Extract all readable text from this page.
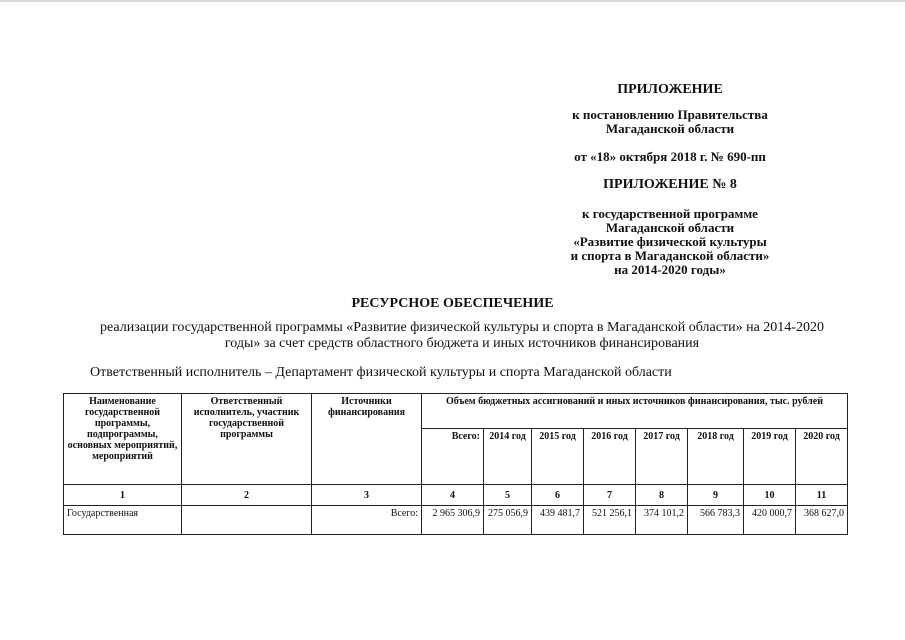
ПРИЛОЖЕНИЕ
к постановлению Правительства
Магаданской области
от «18» октября 2018 г. № 690-пп
ПРИЛОЖЕНИЕ № 8
к государственной программе
Магаданской области
«Развитие физической культуры
и спорта в Магаданской области»
на 2014-2020 годы»
РЕСУРСНОЕ ОБЕСПЕЧЕНИЕ
реализации государственной программы «Развитие физической культуры и спорта в Магаданской области» на 2014-2020 годы» за счет средств областного бюджета и иных источников финансирования
Ответственный исполнитель – Департамент физической культуры и спорта Магаданской области
Наименование государственной программы, подпрограммы, основных мероприятий, мероприятий	Ответственный исполнитель, участник государственной программы	Источники финансирования	Объем бюджетных ассигнований и иных источников финансирования, тыс. рублей							
			Всего:	2014 год	2015 год	2016 год	2017 год	2018 год	2019 год	2020 год
1	2	3	4	5	6	7	8	9	10	11
Государственная		Всего:	2 965 306,9	275 056,9	439 481,7	521 256,1	374 101,2	566 783,3	420 000,7	368 627,0
